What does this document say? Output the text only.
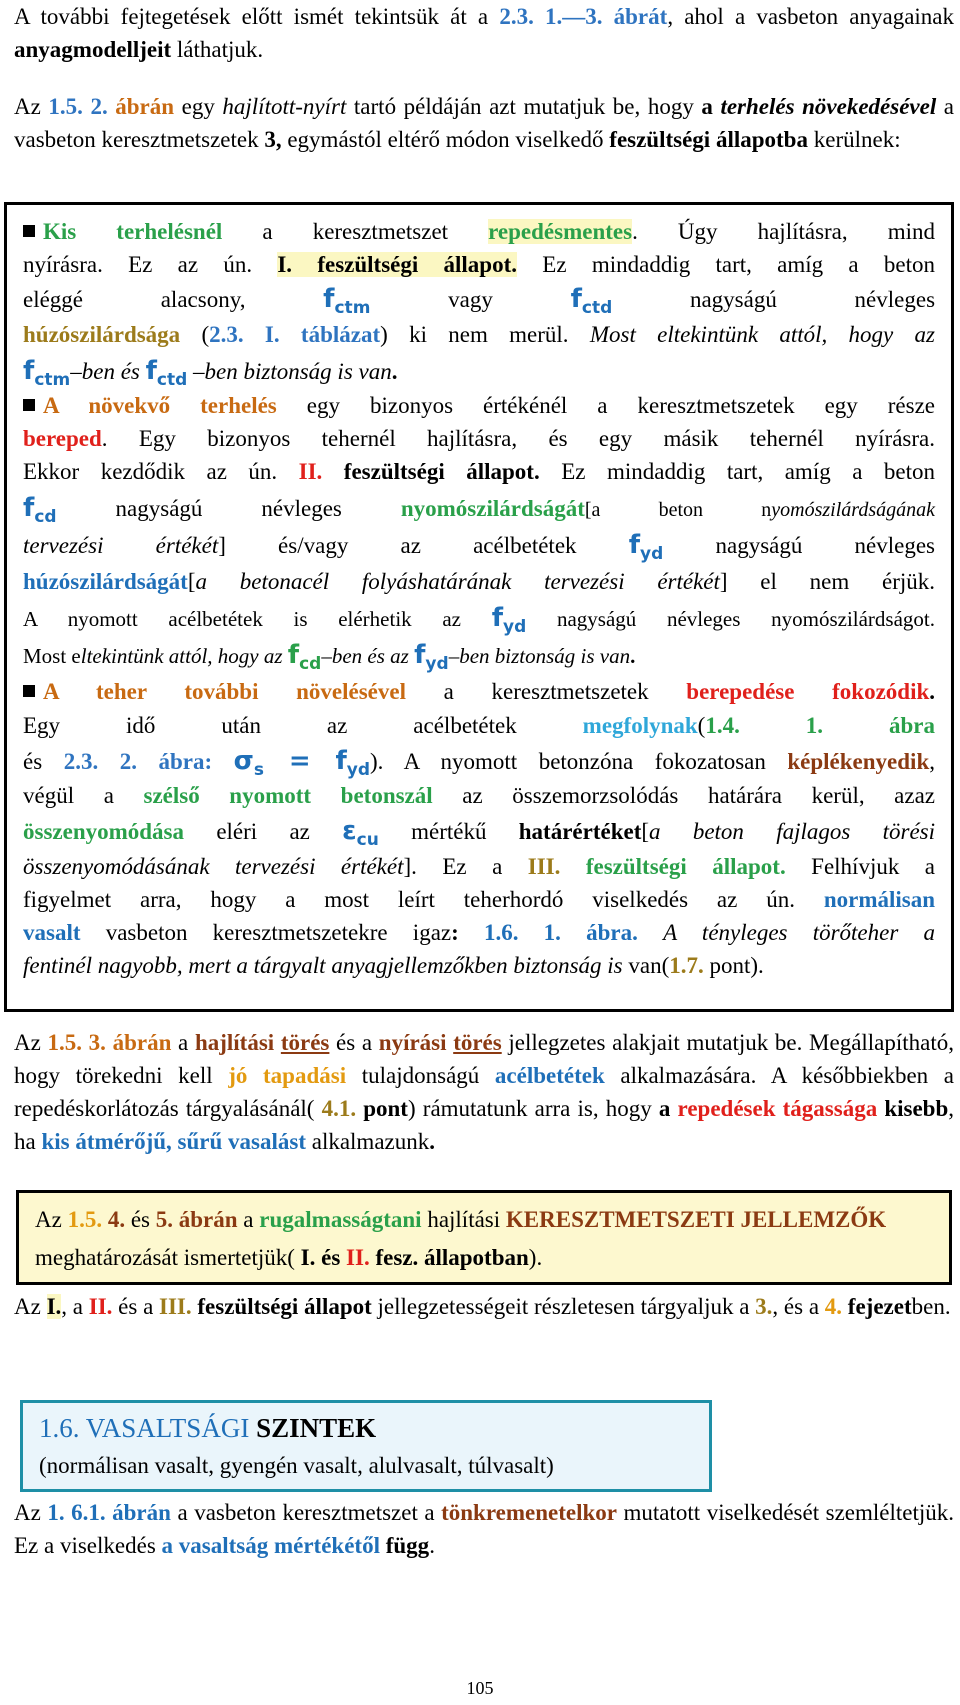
A további fejtegetések előtt ismét tekintsük át a 2.3. 1.—3. ábrát, ahol a vasbeton anyagainak anyagmodelljeit láthatjuk.

Az 1.5. 2. ábrán egy hajlított-nyírt tartó példáján azt mutatjuk be, hogy a terhelés növekedésével a vasbeton keresztmetszetek 3, egymástól eltérő módon viselkedő feszültségi állapotba kerülnek:

Kis terhelésnél a keresztmetszet repedésmentes. Úgy hajlításra, mind
nyírásra. Ez az ún. I. feszültségi állapot. Ez mindaddig tart, amíg a beton
eléggé alacsony,	$f_{ctm}$	vagy	$f_{ctd}$	nagyságú névleges
húzószilárdsága (2.3. I. táblázat) ki nem merül. Most eltekintünk attól, hogy az
$f_{ctm}$–ben és $f_{ctd}$ –ben biztonság is van.
A növekvő terhelés egy bizonyos értékénél a keresztmetszetek egy része
bereped. Egy bizonyos tehernél hajlításra, és egy másik tehernél nyírásra.
Ekkor kezdődik az ún. II. feszültségi állapot. Ez mindaddig tart, amíg a beton
$f_{cd}$	nagyságú névleges	nyomószilárdságát[a beton nyomószilárdságának
tervezési értékét] és/vagy az acélbetétek $f_{yd}$ nagyságú névleges
húzószilárdságát[a betonacél folyáshatárának tervezési értékét] el nem érjük.
A nyomott acélbetétek is elérhetik az $f_{yd}$ nagyságú névleges nyomószilárdságot.
Most eltekintünk attól, hogy az $f_{cd}$–ben és az $f_{yd}$–ben biztonság is van.
A teher további növelésével a keresztmetszetek berepedése fokozódik.
Egy	idő	után	az	acélbetétek	megfolynak(1.4. 1. ábra
és 2.3. 2. ábra: $\sigma_s = f_{yd}$). A nyomott betonzóna fokozatosan képlékenyedik,
végül a szélső nyomott betonszál az összemorzsolódás határára kerül, azaz
összenyomódása eléri az $\varepsilon_{cu}$ mértékű határértéket[a beton fajlagos törési
összenyomódásának tervezési értékét]. Ez a III. feszültségi állapot. Felhívjuk a
figyelmet arra, hogy a most leírt teherhordó viselkedés az ún. normálisan
vasalt vasbeton keresztmetszetekre igaz: 1.6. 1. ábra. A tényleges törőteher a
fentinél nagyobb, mert a tárgyalt anyagjellemzőkben biztonság is van(1.7. pont).

Az 1.5. 3. ábrán a hajlítási törés és a nyírási törés jellegzetes alakjait mutatjuk be. Megállapítható, hogy törekedni kell jó tapadási tulajdonságú acélbetétek alkalmazására. A későbbiekben a repedéskorlátozás tárgyalásánál( 4.1. pont) rámutatunk arra is, hogy a repedések tágassága kisebb, ha kis átmérőjű, sűrű vasalást alkalmazunk.

Az 1.5. 4. és 5. ábrán a rugalmasságtani hajlítási KERESZTMETSZETI JELLEMZŐK meghatározását ismertetjük( I. és II. fesz. állapotban).

Az I., a II. és a III. feszültségi állapot jellegzetességeit részletesen tárgyaljuk a 3., és a 4. fejezetben.

1.6. VASALTSÁGI SZINTEK
(normálisan vasalt, gyengén vasalt, alulvasalt, túlvasalt)

Az 1. 6.1. ábrán a vasbeton keresztmetszet a tönkremenetelkor mutatott viselkedését szemléltetjük. Ez a viselkedés a vasaltság mértékétől függ.

105
